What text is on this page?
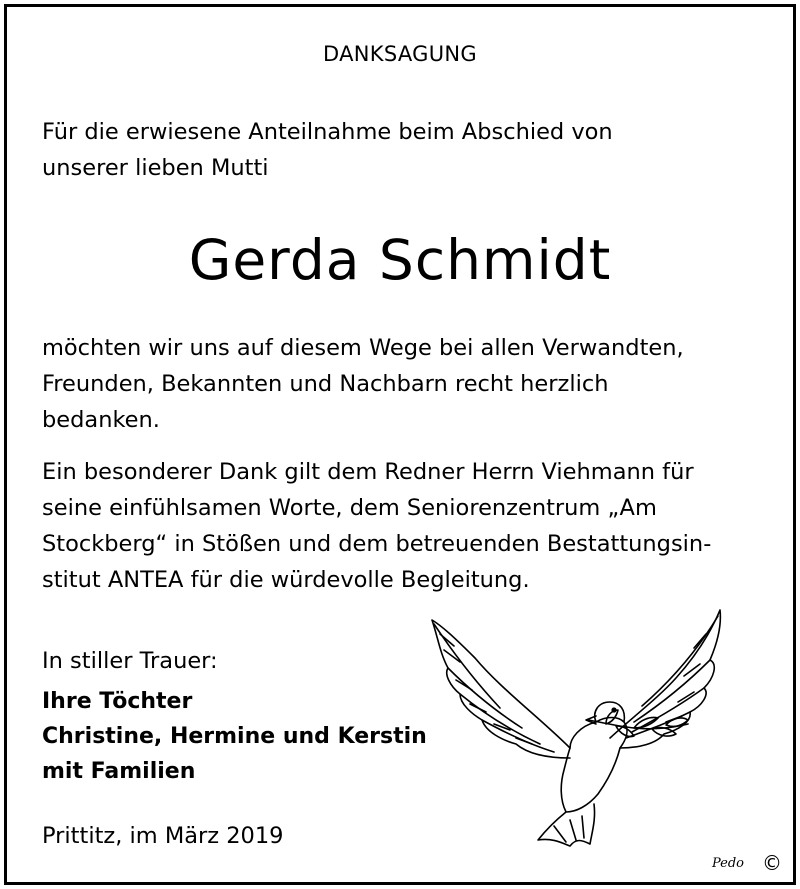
DANKSAGUNG

Für die erwiesene Anteilnahme beim Abschied von
unserer lieben Mutti

Gerda Schmidt

möchten wir uns auf diesem Wege bei allen Verwandten,
Freunden, Bekannten und Nachbarn recht herzlich
bedanken.

Ein besonderer Dank gilt dem Redner Herrn Viehmann für
seine einfühlsamen Worte, dem Seniorenzentrum „Am
Stockberg“ in Stößen und dem betreuenden Bestattungsin-
stitut ANTEA für die würdevolle Begleitung.

In stiller Trauer:
Ihre Töchter
Christine, Hermine und Kerstin
mit Familien
Prittitz, im März 2019
Pedo ©
